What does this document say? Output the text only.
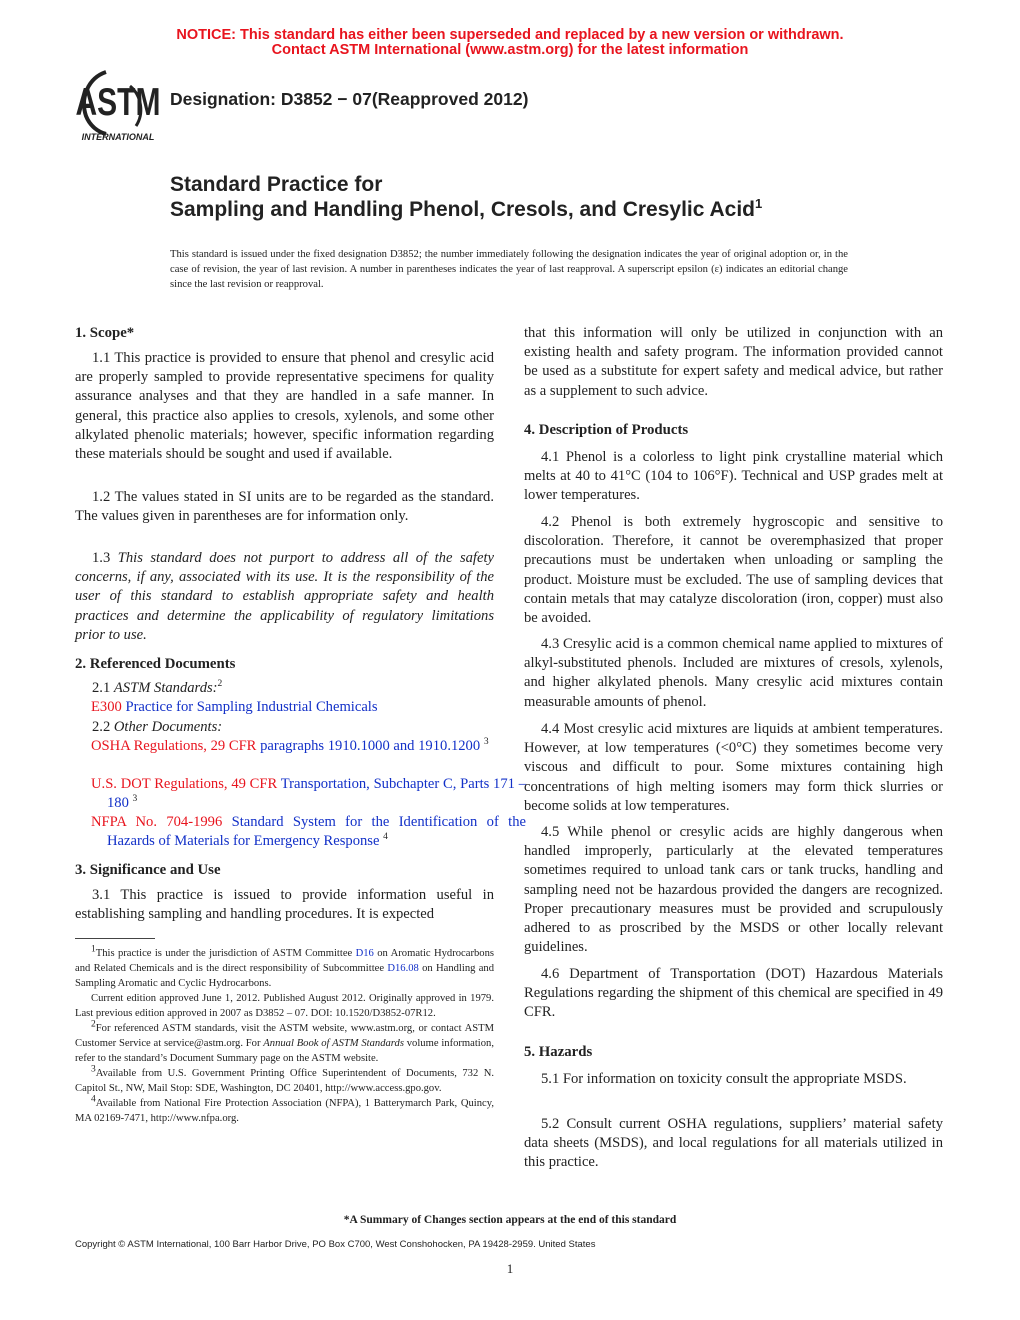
NOTICE: This standard has either been superseded and replaced by a new version or withdrawn.
Contact ASTM International (www.astm.org) for the latest information
ASTM
INTERNATIONAL
Designation: D3852 − 07(Reapproved 2012)
Standard Practice for
Sampling and Handling Phenol, Cresols, and Cresylic Acid$^1$
This standard is issued under the fixed designation D3852; the number immediately following the designation indicates the year of original adoption or, in the case of revision, the year of last revision. A number in parentheses indicates the year of last reapproval. A superscript epsilon (ε) indicates an editorial change since the last revision or reapproval.
1. Scope*
1.1 This practice is provided to ensure that phenol and cresylic acid are properly sampled to provide representative specimens for quality assurance analyses and that they are handled in a safe manner. In general, this practice also applies to cresols, xylenols, and some other alkylated phenolic materials; however, specific information regarding these materials should be sought and used if available.
1.2 The values stated in SI units are to be regarded as the standard. The values given in parentheses are for information only.
1.3 This standard does not purport to address all of the safety concerns, if any, associated with its use. It is the responsibility of the user of this standard to establish appropriate safety and health practices and determine the applicability of regulatory limitations prior to use.
2. Referenced Documents
2.1 ASTM Standards:$^2$
E300 Practice for Sampling Industrial Chemicals
2.2 Other Documents:
OSHA Regulations, 29 CFR paragraphs 1910.1000 and 1910.1200 $^3$
U.S. DOT Regulations, 49 CFR Transportation, Subchapter C, Parts 171 – 180 $^3$
NFPA No. 704-1996 Standard System for the Identification of the Hazards of Materials for Emergency Response $^4$
3. Significance and Use
3.1 This practice is issued to provide information useful in establishing sampling and handling procedures. It is expected
$^1$This practice is under the jurisdiction of ASTM Committee D16 on Aromatic Hydrocarbons and Related Chemicals and is the direct responsibility of Subcommittee D16.08 on Handling and Sampling Aromatic and Cyclic Hydrocarbons.
Current edition approved June 1, 2012. Published August 2012. Originally approved in 1979. Last previous edition approved in 2007 as D3852 – 07. DOI: 10.1520/D3852-07R12.
$^2$For referenced ASTM standards, visit the ASTM website, www.astm.org, or contact ASTM Customer Service at service@astm.org. For Annual Book of ASTM Standards volume information, refer to the standard’s Document Summary page on the ASTM website.
$^3$Available from U.S. Government Printing Office Superintendent of Documents, 732 N. Capitol St., NW, Mail Stop: SDE, Washington, DC 20401, http://www.access.gpo.gov.
$^4$Available from National Fire Protection Association (NFPA), 1 Batterymarch Park, Quincy, MA 02169-7471, http://www.nfpa.org.
that this information will only be utilized in conjunction with an existing health and safety program. The information provided cannot be used as a substitute for expert safety and medical advice, but rather as a supplement to such advice.
4. Description of Products
4.1 Phenol is a colorless to light pink crystalline material which melts at 40 to 41°C (104 to 106°F). Technical and USP grades melt at lower temperatures.
4.2 Phenol is both extremely hygroscopic and sensitive to discoloration. Therefore, it cannot be overemphasized that proper precautions must be undertaken when unloading or sampling the product. Moisture must be excluded. The use of sampling devices that contain metals that may catalyze discoloration (iron, copper) must also be avoided.
4.3 Cresylic acid is a common chemical name applied to mixtures of alkyl-substituted phenols. Included are mixtures of cresols, xylenols, and higher alkylated phenols. Many cresylic acid mixtures contain measurable amounts of phenol.
4.4 Most cresylic acid mixtures are liquids at ambient temperatures. However, at low temperatures (<0°C) they sometimes become very viscous and difficult to pour. Some mixtures containing high concentrations of high melting isomers may form thick slurries or become solids at low temperatures.
4.5 While phenol or cresylic acids are highly dangerous when handled improperly, particularly at the elevated temperatures sometimes required to unload tank cars or tank trucks, handling and sampling need not be hazardous provided the dangers are recognized. Proper precautionary measures must be provided and scrupulously adhered to as proscribed by the MSDS or other locally relevant guidelines.
4.6 Department of Transportation (DOT) Hazardous Materials Regulations regarding the shipment of this chemical are specified in 49 CFR.
5. Hazards
5.1 For information on toxicity consult the appropriate MSDS.
5.2 Consult current OSHA regulations, suppliers’ material safety data sheets (MSDS), and local regulations for all materials utilized in this practice.
*A Summary of Changes section appears at the end of this standard
Copyright © ASTM International, 100 Barr Harbor Drive, PO Box C700, West Conshohocken, PA 19428-2959. United States
1
